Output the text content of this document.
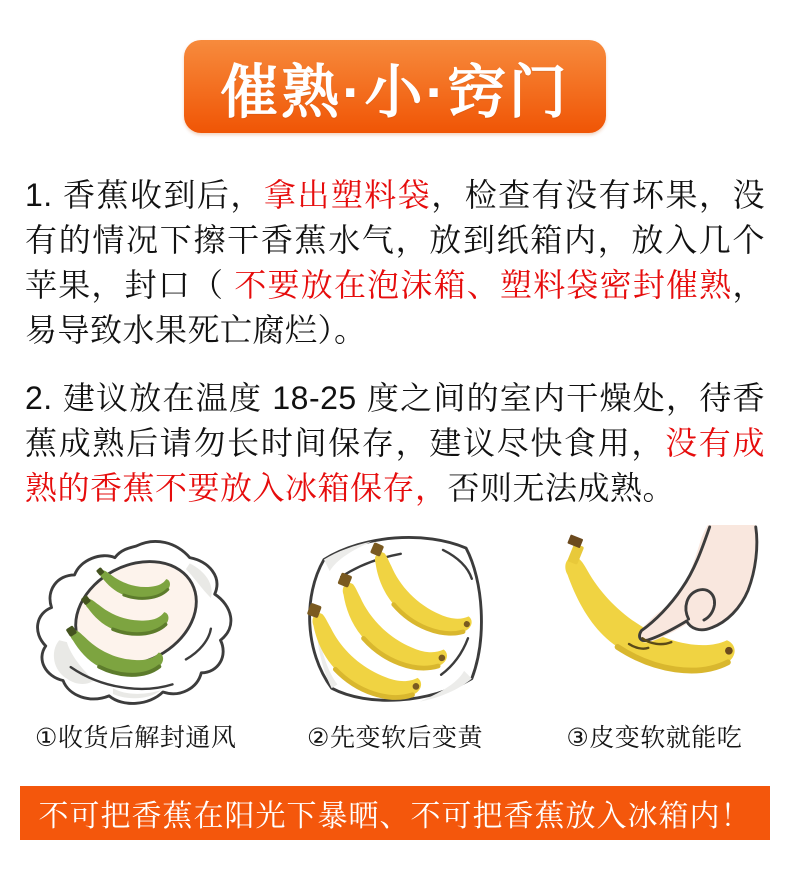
催熟·小·窍门

1. 香蕉收到后，拿出塑料袋，检查有没有坏果，没有的情况下擦干香蕉水气，放到纸箱内，放入几个苹果，封口（ 不要放在泡沫箱、塑料袋密封催熟，易导致水果死亡腐烂）。

2. 建议放在温度 18-25 度之间的室内干燥处，待香蕉成熟后请勿长时间保存，建议尽快食用，没有成熟的香蕉不要放入冰箱保存，否则无法成熟。

①收货后解封通风	②先变软后变黄	③皮变软就能吃
不可把香蕉在阳光下暴晒、不可把香蕉放入冰箱内！
